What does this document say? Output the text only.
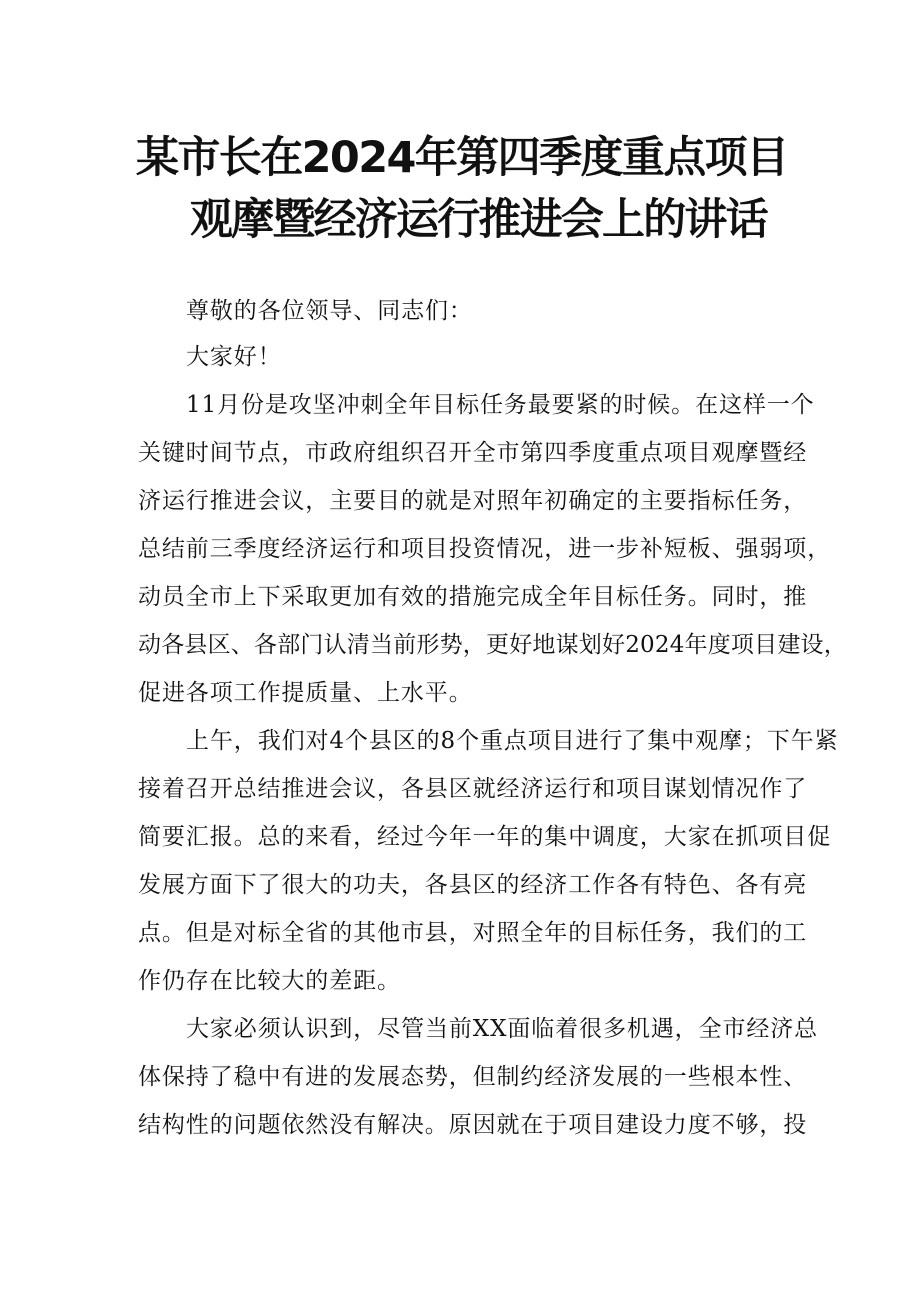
某市长在2024年第四季度重点项目
观摩暨经济运行推进会上的讲话
尊敬的各位领导、同志们：
大家好！
11月份是攻坚冲刺全年目标任务最要紧的时候。在这样一个
关键时间节点，市政府组织召开全市第四季度重点项目观摩暨经
济运行推进会议，主要目的就是对照年初确定的主要指标任务，
总结前三季度经济运行和项目投资情况，进一步补短板、强弱项，
动员全市上下采取更加有效的措施完成全年目标任务。同时，推
动各县区、各部门认清当前形势，更好地谋划好2024年度项目建设，
促进各项工作提质量、上水平。
上午，我们对4个县区的8个重点项目进行了集中观摩；下午紧
接着召开总结推进会议，各县区就经济运行和项目谋划情况作了
简要汇报。总的来看，经过今年一年的集中调度，大家在抓项目促
发展方面下了很大的功夫，各县区的经济工作各有特色、各有亮
点。但是对标全省的其他市县，对照全年的目标任务，我们的工
作仍存在比较大的差距。
大家必须认识到，尽管当前XX面临着很多机遇，全市经济总
体保持了稳中有进的发展态势，但制约经济发展的一些根本性、
结构性的问题依然没有解决。原因就在于项目建设力度不够，投
